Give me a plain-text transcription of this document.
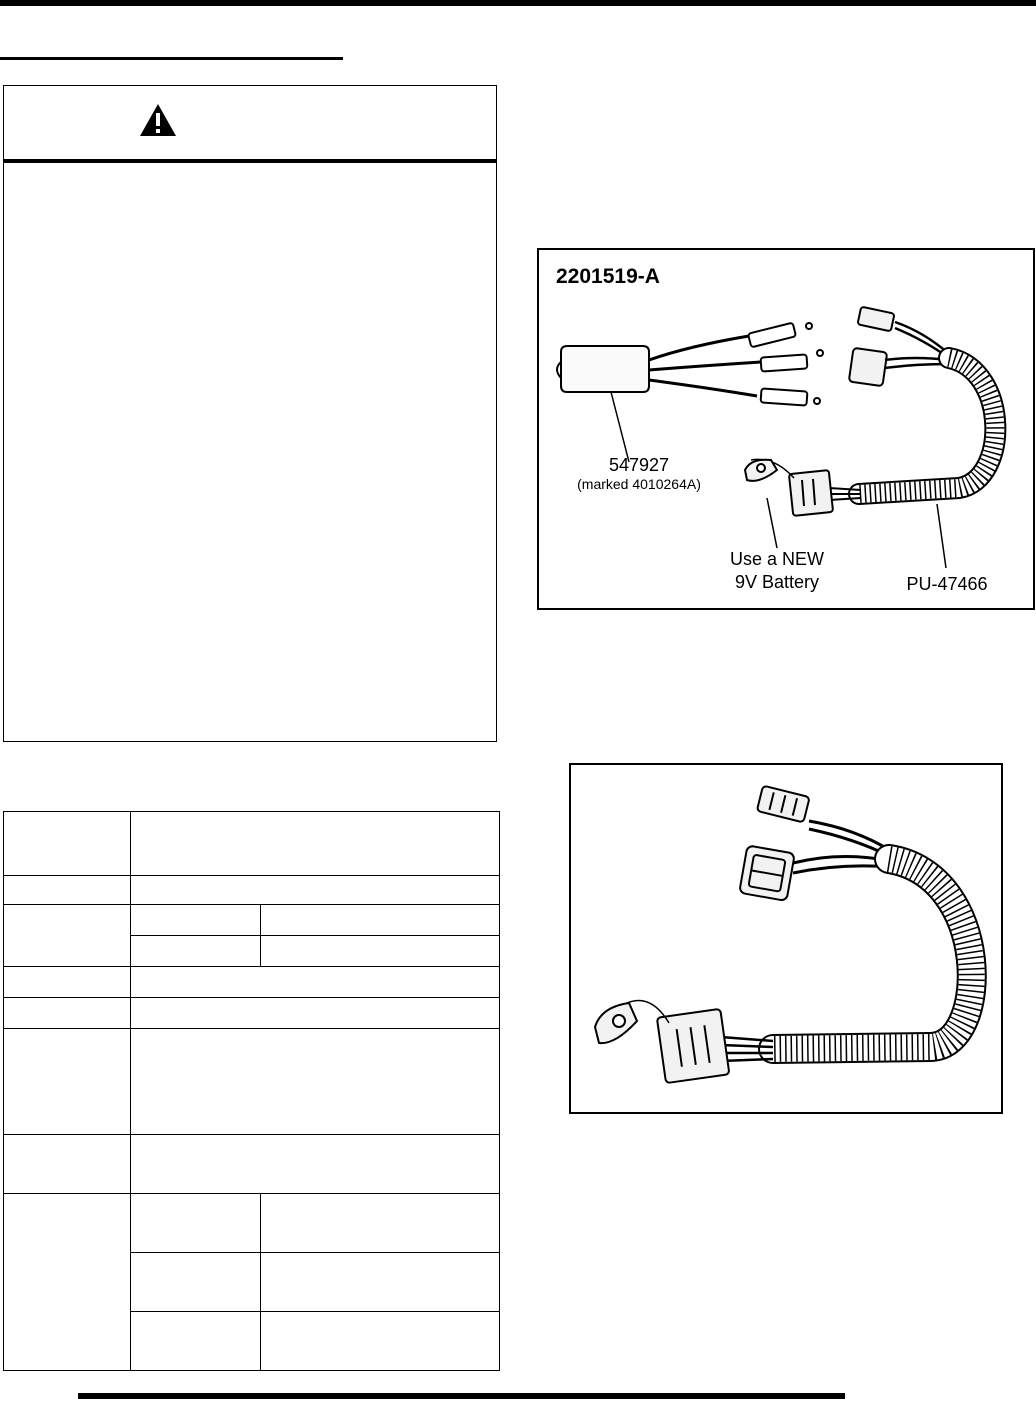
2201519-A
547927
(marked 4010264A)
Use a NEW
9V Battery	PU-47466
